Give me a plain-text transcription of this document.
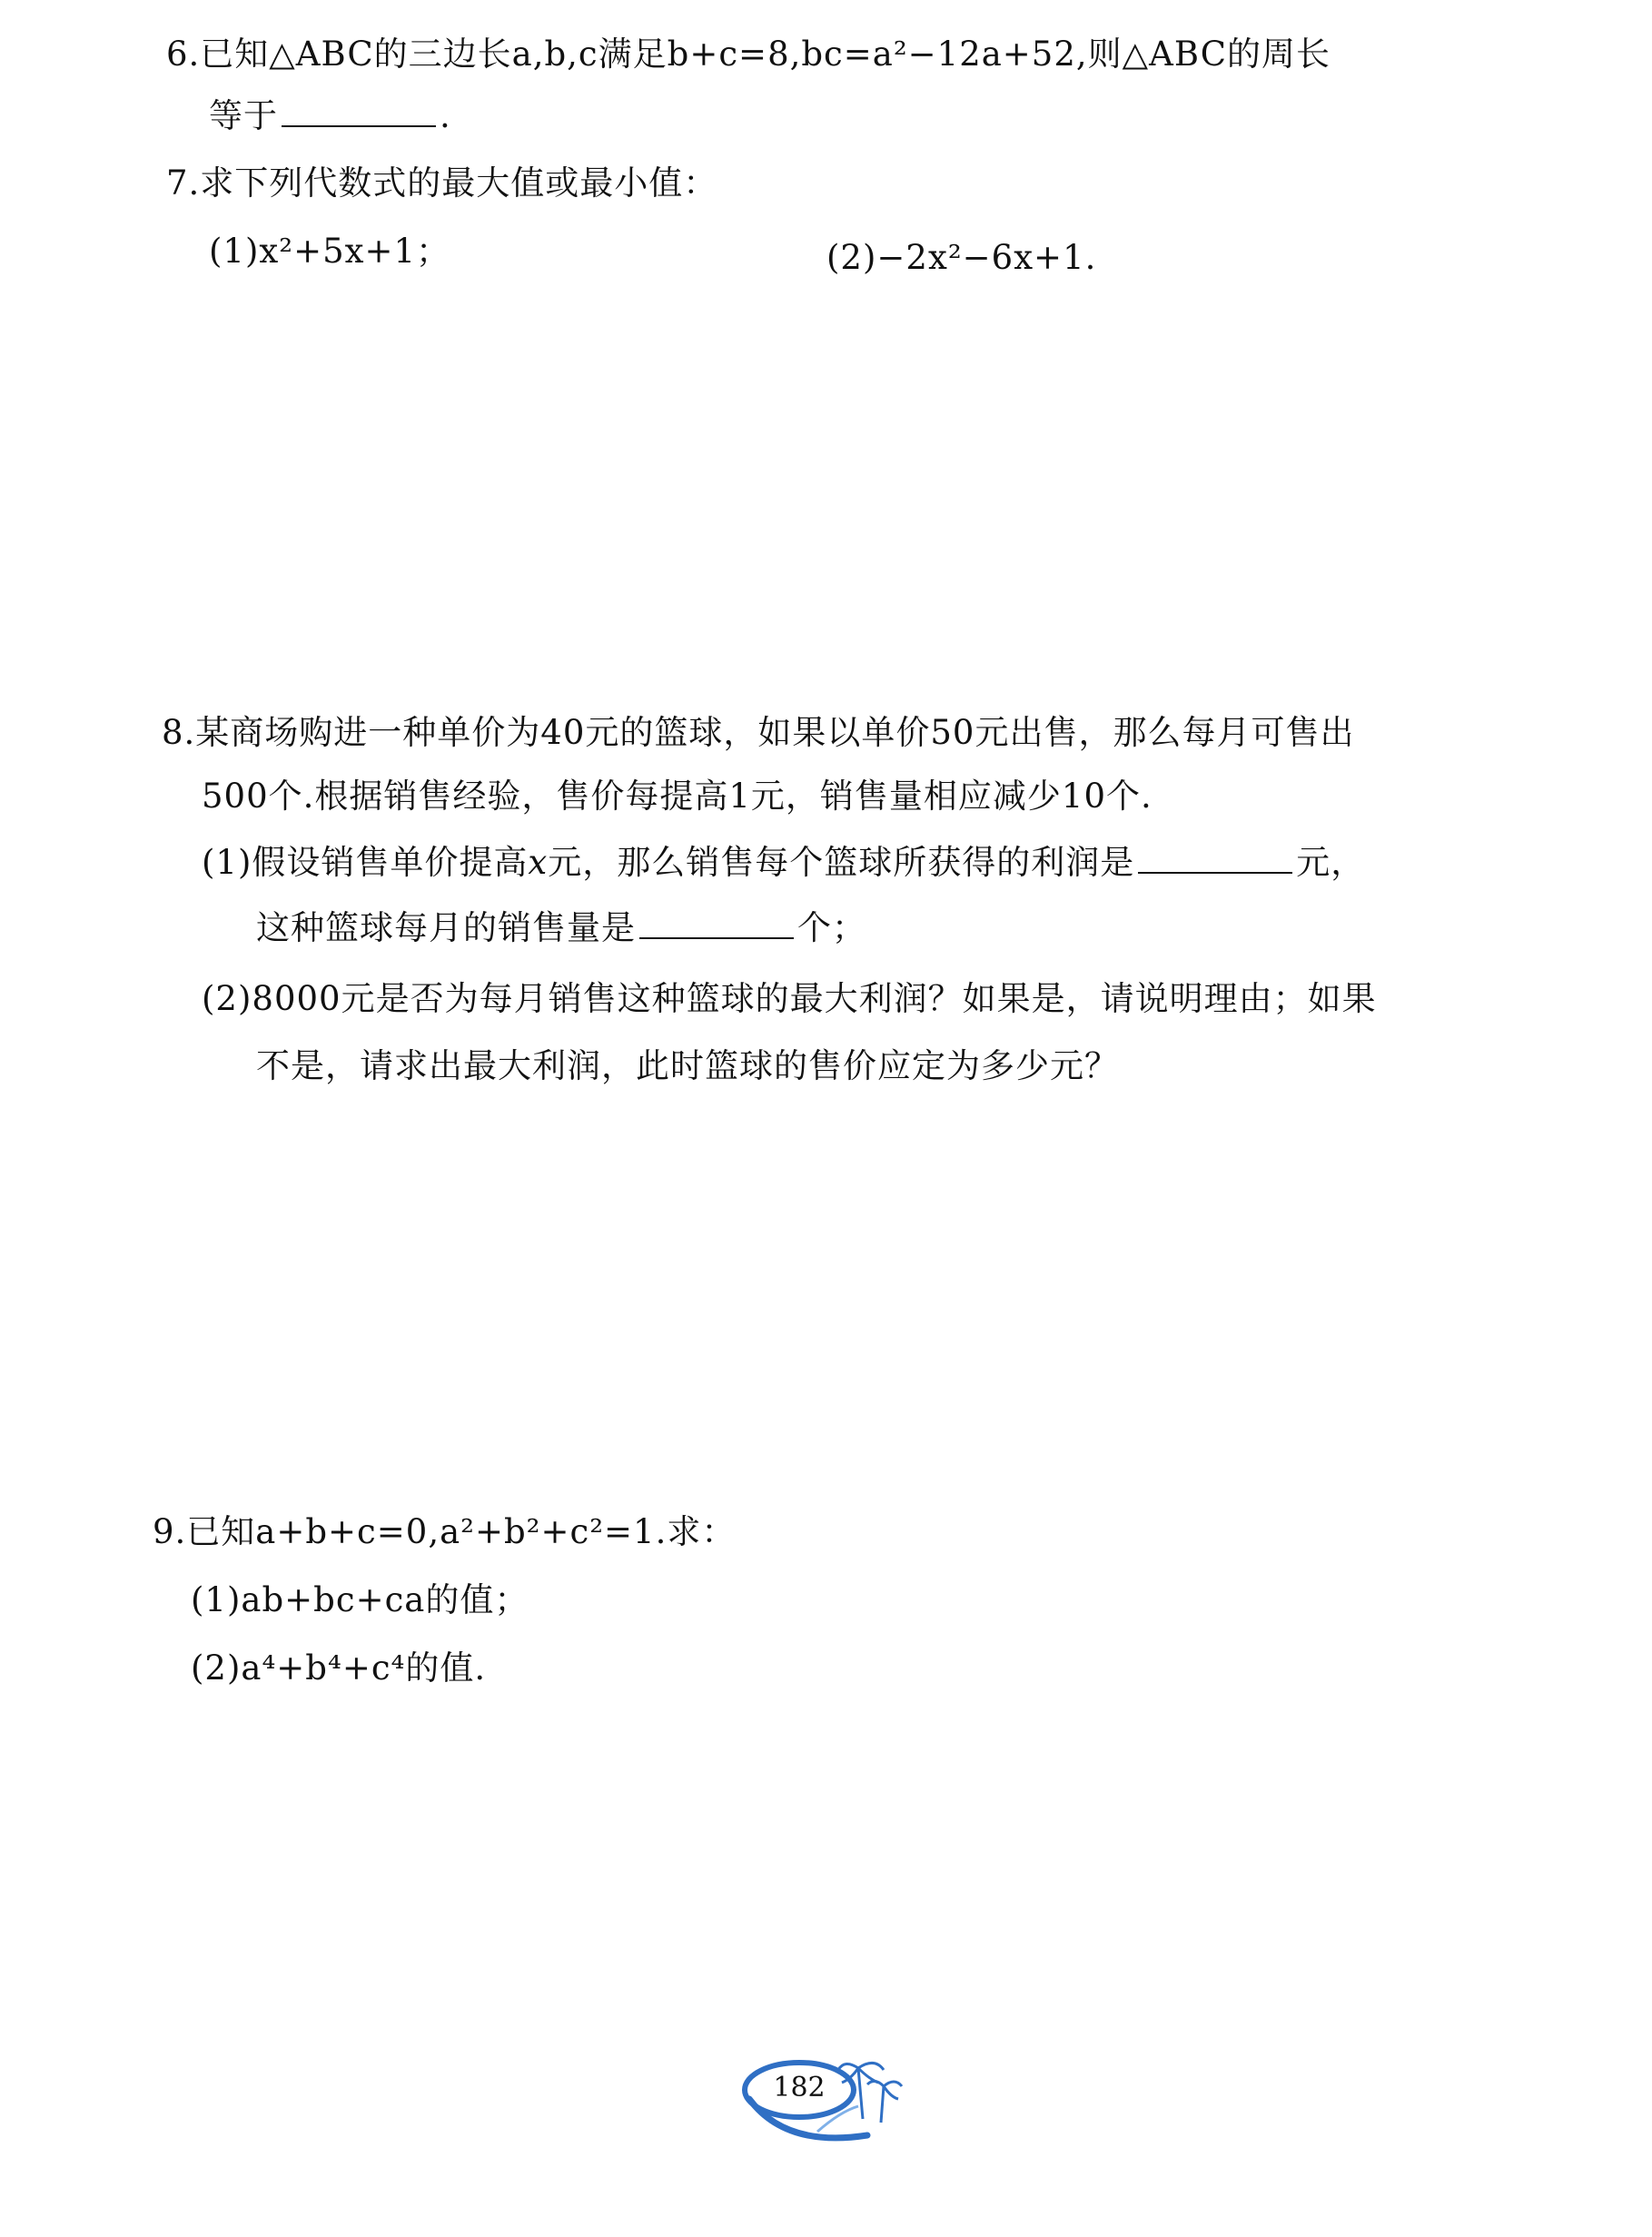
6.已知△ABC的三边长a,b,c满足b+c=8,bc=a²−12a+52,则△ABC的周长
等于	.
7.求下列代数式的最大值或最小值：
(1)x²+5x+1；	(2)−2x²−6x+1.
8.某商场购进一种单价为40元的篮球，如果以单价50元出售，那么每月可售出
500个.根据销售经验，售价每提高1元，销售量相应减少10个.
(1)假设销售单价提高x元，那么销售每个篮球所获得的利润是	元，
这种篮球每月的销售量是	个；
(2)8000元是否为每月销售这种篮球的最大利润？如果是，请说明理由；如果
不是，请求出最大利润，此时篮球的售价应定为多少元？
9.已知a+b+c=0,a²+b²+c²=1.求：
(1)ab+bc+ca的值；
(2)a⁴+b⁴+c⁴的值.
182
